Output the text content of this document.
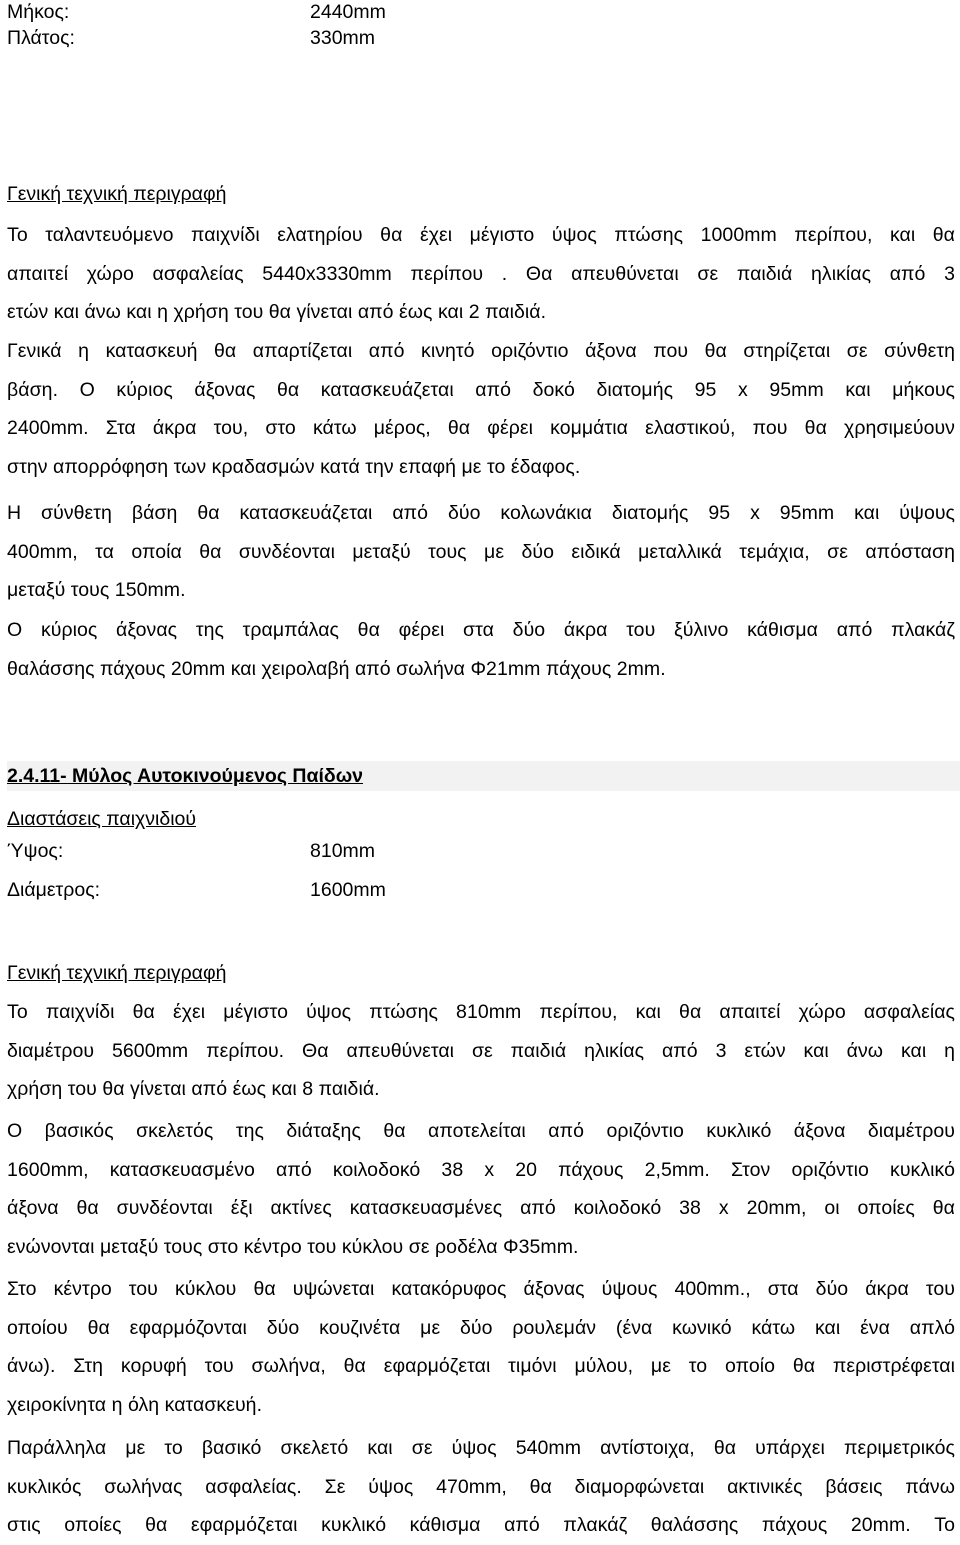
Μήκος:	2440mm
Πλάτος:	330mm
Γενική τεχνική περιγραφή
Το ταλαντευόμενο παιχνίδι ελατηρίου θα έχει μέγιστο ύψος πτώσης 1000mm περίπου, και θα
απαιτεί χώρο ασφαλείας 5440x3330mm περίπου . Θα απευθύνεται σε παιδιά ηλικίας από 3
ετών και άνω και η χρήση του θα γίνεται από έως και 2 παιδιά.
Γενικά η κατασκευή θα απαρτίζεται από κινητό οριζόντιο άξονα που θα στηρίζεται σε σύνθετη
βάση. Ο κύριος άξονας θα κατασκευάζεται από δοκό διατομής 95 x 95mm και μήκους
2400mm. Στα άκρα του, στο κάτω μέρος, θα φέρει κομμάτια ελαστικού, που θα χρησιμεύουν
στην απορρόφηση των κραδασμών κατά την επαφή με το έδαφος.
Η σύνθετη βάση θα κατασκευάζεται από δύο κολωνάκια διατομής 95 x 95mm και ύψους
400mm, τα οποία θα συνδέονται μεταξύ τους με δύο ειδικά μεταλλικά τεμάχια, σε απόσταση
μεταξύ τους 150mm.
Ο κύριος άξονας της τραμπάλας θα φέρει στα δύο άκρα του ξύλινο κάθισμα από πλακάζ
θαλάσσης πάχους 20mm και χειρολαβή από σωλήνα Φ21mm πάχους 2mm.
2.4.11- Μύλος Αυτοκινούμενος Παίδων
Διαστάσεις παιχνιδιού
Ύψος:	810mm
Διάμετρος:	1600mm
Γενική τεχνική περιγραφή
Το παιχνίδι θα έχει μέγιστο ύψος πτώσης 810mm περίπου, και θα απαιτεί χώρο ασφαλείας
διαμέτρου 5600mm περίπου. Θα απευθύνεται σε παιδιά ηλικίας από 3 ετών και άνω και η
χρήση του θα γίνεται από έως και 8 παιδιά.
Ο βασικός σκελετός της διάταξης θα αποτελείται από οριζόντιο κυκλικό άξονα διαμέτρου
1600mm, κατασκευασμένο από κοιλοδοκό 38 x 20 πάχους 2,5mm. Στον οριζόντιο κυκλικό
άξονα θα συνδέονται έξι ακτίνες κατασκευασμένες από κοιλοδοκό 38 x 20mm, οι οποίες θα
ενώνονται μεταξύ τους στο κέντρο του κύκλου σε ροδέλα Φ35mm.
Στο κέντρο του κύκλου θα υψώνεται κατακόρυφος άξονας ύψους 400mm., στα δύο άκρα του
οποίου θα εφαρμόζονται δύο κουζινέτα με δύο ρουλεμάν (ένα κωνικό κάτω και ένα απλό
άνω). Στη κορυφή του σωλήνα, θα εφαρμόζεται τιμόνι μύλου, με το οποίο θα περιστρέφεται
χειροκίνητα η όλη κατασκευή.
Παράλληλα με το βασικό σκελετό και σε ύψος 540mm αντίστοιχα, θα υπάρχει περιμετρικός
κυκλικός σωλήνας ασφαλείας. Σε ύψος 470mm, θα διαμορφώνεται ακτινικές βάσεις πάνω
στις οποίες θα εφαρμόζεται κυκλικό κάθισμα από πλακάζ θαλάσσης πάχους 20mm. Το
